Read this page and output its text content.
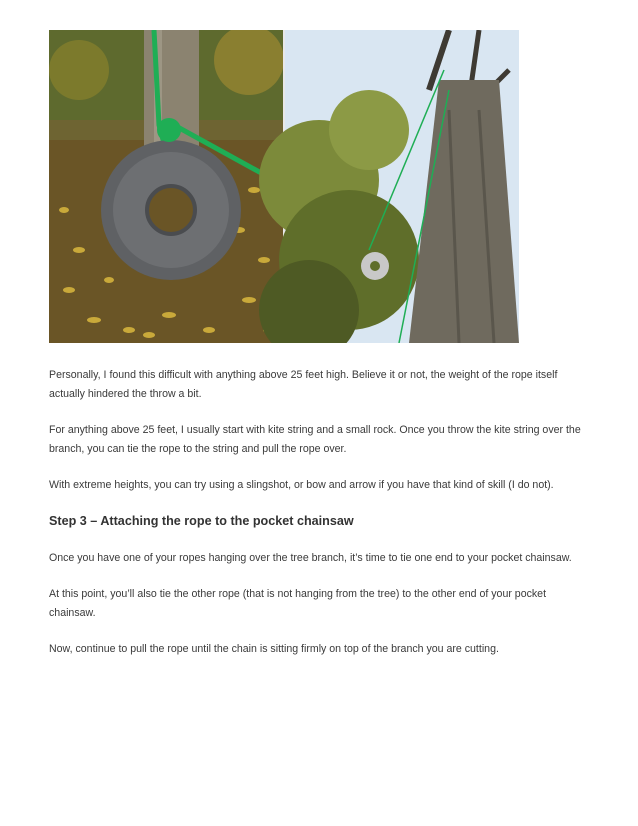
Personally, I found this difficult with anything above 25 feet high. Believe it or not, the weight of the rope itself actually hindered the throw a bit.

For anything above 25 feet, I usually start with kite string and a small rock. Once you throw the kite string over the branch, you can tie the rope to the string and pull the rope over.

With extreme heights, you can try using a slingshot, or bow and arrow if you have that kind of skill (I do not).

Step 3 – Attaching the rope to the pocket chainsaw

Once you have one of your ropes hanging over the tree branch, it’s time to tie one end to your pocket chainsaw.

At this point, you’ll also tie the other rope (that is not hanging from the tree) to the other end of your pocket chainsaw.

Now, continue to pull the rope until the chain is sitting firmly on top of the branch you are cutting.
